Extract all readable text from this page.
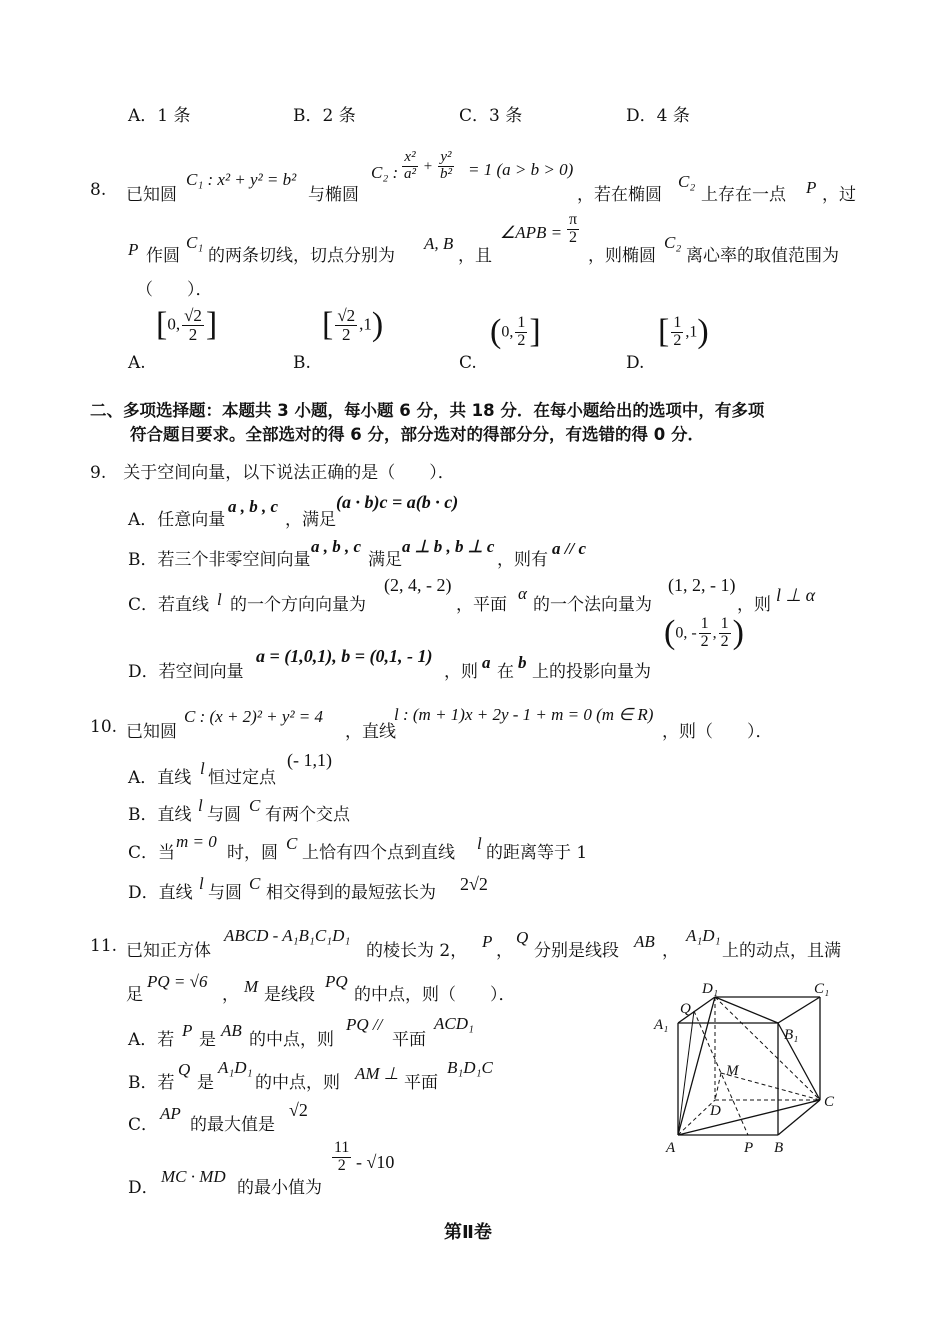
A．1 条	B．2 条	C．3 条	D．4 条
8. 已知圆
C₁ : x² + y² = b²
与椭圆
C₂ : $\frac{\text{x²}}{\text{a²}} + \frac{\text{y²}}{\text{b²}} = 1$ (a > b > 0)
，若在椭圆
C₂
上存在一点 P ，过
P 作圆
C₁
的两条切线，切点分别为
A, B
，且
∠APB = $\frac{\pi}{2}$
，则椭圆
C₂
离心率的取值范围为
（　　）．
A.
[0, $\frac{√2}{2}$ ]
B.
[ $\frac{√2}{2} ,1$)
C.
(0, $\frac{1}{2}$ ]
D.
[ $\frac{1}{2} ,1$)
二、多项选择题：本题共 3 小题，每小题 6 分，共 18 分．在每小题给出的选项中，有多项
符合题目要求。全部选对的得 6 分，部分选对的得部分分，有选错的得 0 分．
9.　关于空间向量，以下说法正确的是（　　）．
A．任意向量
a , b , c
，满足
(a · b)c = a(b · c)
B．若三个非零空间向量
a , b , c
满足
a ⊥ b , b ⊥ c
，则有
a // c
C．若直线 l 的一个方向向量为
(2, 4, - 2)
，平面
α
的一个法向量为
(1, 2, - 1)
，则 l ⊥ α
D．若空间向量
a = (1,0,1), b = (0,1, - 1)
，则 a 在 b 上的投影向量为
(0, - $\frac{1}{2}$ , $\frac{1}{2}$ )
10. 已知圆
C : (x + 2)² + y² = 4
，直线
l : (m + 1)x + 2y - 1 + m = 0 (m ∈ R)
，则（　　）．
A．直线 l 恒过定点
(- 1,1)
B．直线 l 与圆 C 有两个交点
C．当
m = 0
时，圆 C 上恰有四个点到直线 l 的距离等于 1
D．直线 l 与圆 C 相交得到的最短弦长为 2√2
11. 已知正方体
ABCD - A₁B₁C₁D₁
的棱长为 2， P ，
Q
分别是线段 AB ，
A₁D₁
上的动点，且满
足
PQ = √6
， M 是线段
PQ
的中点，则（　　）．
A．若 P 是 AB 的中点，则
PQ //
平面
ACD₁
B．若
Q
是
A₁D₁
的中点，则 AM ⊥ 平面
B₁D₁C
C．
AP
的最大值是
√2
D．
MC · MD
的最小值为
$\frac{11}{2} - √10$
D₁	C₁
Q
A₁
B₁
M
D
C
A	P B
第Ⅱ卷
